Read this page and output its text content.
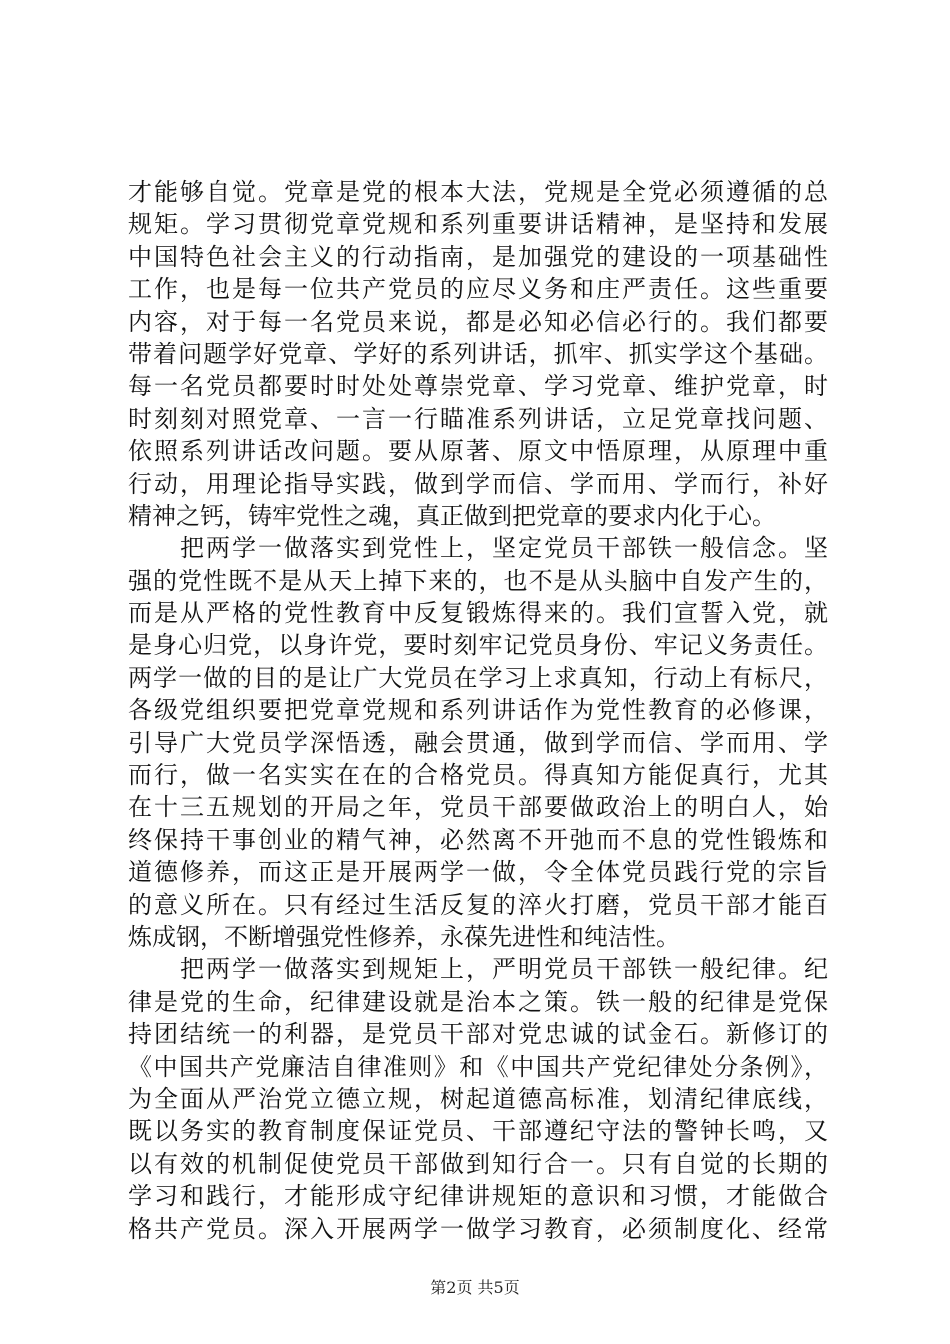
才能够自觉。党章是党的根本大法，党规是全党必须遵循的总
规矩。学习贯彻党章党规和系列重要讲话精神，是坚持和发展
中国特色社会主义的行动指南，是加强党的建设的一项基础性
工作，也是每一位共产党员的应尽义务和庄严责任。这些重要
内容，对于每一名党员来说，都是必知必信必行的。我们都要
带着问题学好党章、学好的系列讲话，抓牢、抓实学这个基础。
每一名党员都要时时处处尊崇党章、学习党章、维护党章，时
时刻刻对照党章、一言一行瞄准系列讲话，立足党章找问题、
依照系列讲话改问题。要从原著、原文中悟原理，从原理中重
行动，用理论指导实践，做到学而信、学而用、学而行，补好
精神之钙，铸牢党性之魂，真正做到把党章的要求内化于心。
　　把两学一做落实到党性上，坚定党员干部铁一般信念。坚
强的党性既不是从天上掉下来的，也不是从头脑中自发产生的，
而是从严格的党性教育中反复锻炼得来的。我们宣誓入党，就
是身心归党，以身许党，要时刻牢记党员身份、牢记义务责任。
两学一做的目的是让广大党员在学习上求真知，行动上有标尺，
各级党组织要把党章党规和系列讲话作为党性教育的必修课，
引导广大党员学深悟透，融会贯通，做到学而信、学而用、学
而行，做一名实实在在的合格党员。得真知方能促真行，尤其
在十三五规划的开局之年，党员干部要做政治上的明白人，始
终保持干事创业的精气神，必然离不开弛而不息的党性锻炼和
道德修养，而这正是开展两学一做，令全体党员践行党的宗旨
的意义所在。只有经过生活反复的淬火打磨，党员干部才能百
炼成钢，不断增强党性修养，永葆先进性和纯洁性。
　　把两学一做落实到规矩上，严明党员干部铁一般纪律。纪
律是党的生命，纪律建设就是治本之策。铁一般的纪律是党保
持团结统一的利器，是党员干部对党忠诚的试金石。新修订的
《中国共产党廉洁自律准则》和《中国共产党纪律处分条例》，
为全面从严治党立德立规，树起道德高标准，划清纪律底线，
既以务实的教育制度保证党员、干部遵纪守法的警钟长鸣，又
以有效的机制促使党员干部做到知行合一。只有自觉的长期的
学习和践行，才能形成守纪律讲规矩的意识和习惯，才能做合
格共产党员。深入开展两学一做学习教育，必须制度化、经常
第2页 共5页
